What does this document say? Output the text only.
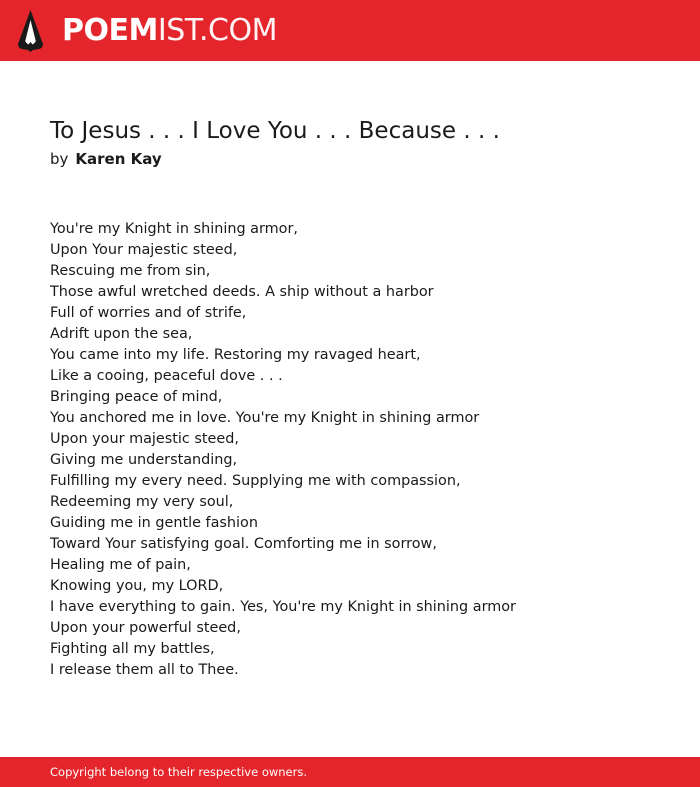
POEMIST.COM
To Jesus . . . I Love You . . . Because . . .
by Karen Kay
You're my Knight in shining armor,
Upon Your majestic steed,
Rescuing me from sin,
Those awful wretched deeds. A ship without a harbor
Full of worries and of strife,
Adrift upon the sea,
You came into my life. Restoring my ravaged heart,
Like a cooing, peaceful dove . . .
Bringing peace of mind,
You anchored me in love. You're my Knight in shining armor
Upon your majestic steed,
Giving me understanding,
Fulfilling my every need. Supplying me with compassion,
Redeeming my very soul,
Guiding me in gentle fashion
Toward Your satisfying goal. Comforting me in sorrow,
Healing me of pain,
Knowing you, my LORD,
I have everything to gain. Yes, You're my Knight in shining armor
Upon your powerful steed,
Fighting all my battles,
I release them all to Thee.
Copyright belong to their respective owners.
